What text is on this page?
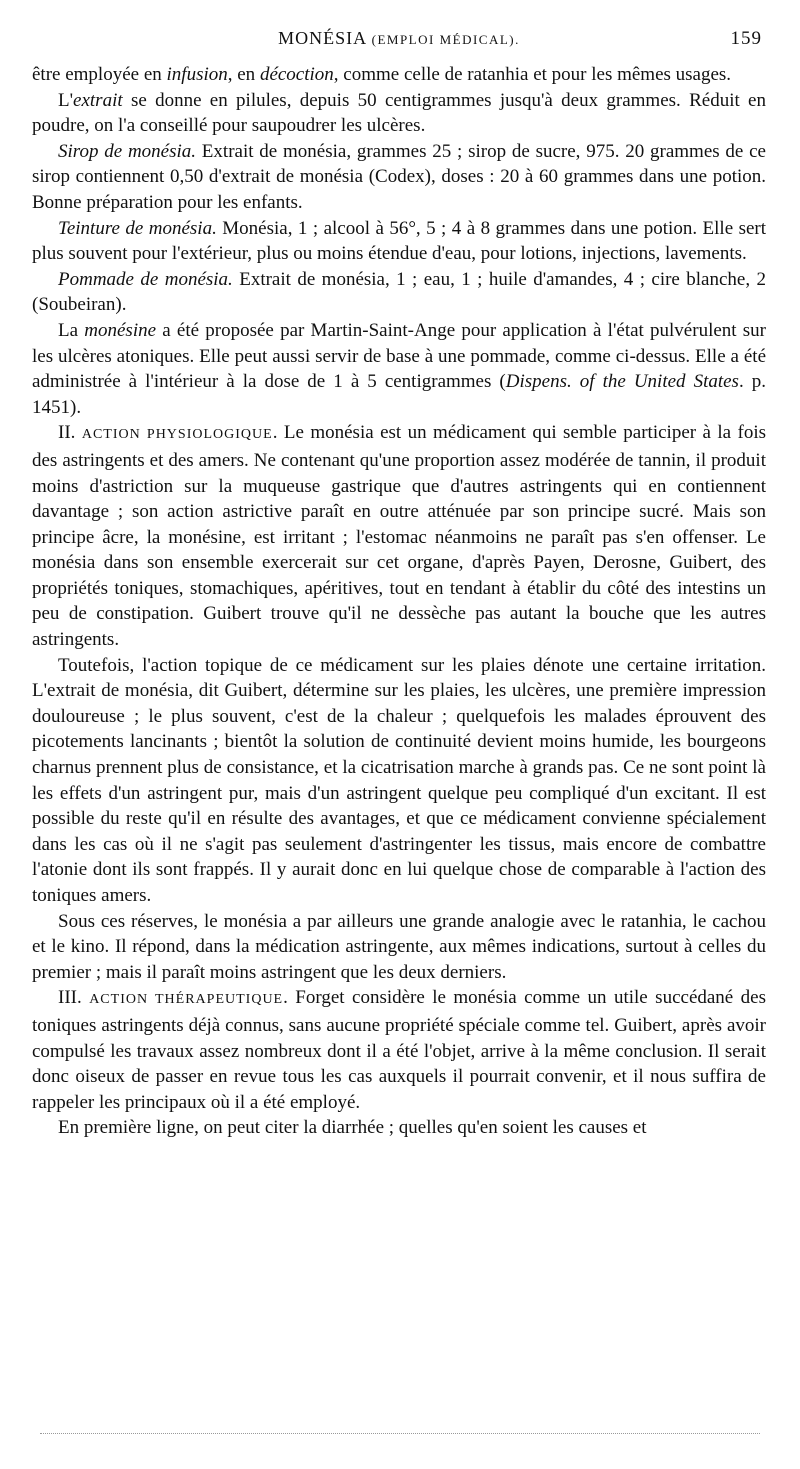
MONÉSIA (EMPLOI MÉDICAL).	159

être employée en infusion, en décoction, comme celle de ratanhia et pour les mêmes usages.

L'extrait se donne en pilules, depuis 50 centigrammes jusqu'à deux grammes. Réduit en poudre, on l'a conseillé pour saupoudrer les ulcères.

Sirop de monésia. Extrait de monésia, grammes 25 ; sirop de sucre, 975. 20 grammes de ce sirop contiennent 0,50 d'extrait de monésia (Codex), doses : 20 à 60 grammes dans une potion. Bonne préparation pour les enfants.

Teinture de monésia. Monésia, 1 ; alcool à 56°, 5 ; 4 à 8 grammes dans une potion. Elle sert plus souvent pour l'extérieur, plus ou moins étendue d'eau, pour lotions, injections, lavements.

Pommade de monésia. Extrait de monésia, 1 ; eau, 1 ; huile d'amandes, 4 ; cire blanche, 2 (Soubeiran).

La monésine a été proposée par Martin-Saint-Ange pour application à l'état pulvérulent sur les ulcères atoniques. Elle peut aussi servir de base à une pommade, comme ci-dessus. Elle a été administrée à l'intérieur à la dose de 1 à 5 centigrammes (Dispens. of the United States. p. 1451).

II. ACTION PHYSIOLOGIQUE. Le monésia est un médicament qui semble participer à la fois des astringents et des amers. Ne contenant qu'une proportion assez modérée de tannin, il produit moins d'astriction sur la muqueuse gastrique que d'autres astringents qui en contiennent davantage ; son action astrictive paraît en outre atténuée par son principe sucré. Mais son principe âcre, la monésine, est irritant ; l'estomac néanmoins ne paraît pas s'en offenser. Le monésia dans son ensemble exercerait sur cet organe, d'après Payen, Derosne, Guibert, des propriétés toniques, stomachiques, apéritives, tout en tendant à établir du côté des intestins un peu de constipation. Guibert trouve qu'il ne dessèche pas autant la bouche que les autres astringents.

Toutefois, l'action topique de ce médicament sur les plaies dénote une certaine irritation. L'extrait de monésia, dit Guibert, détermine sur les plaies, les ulcères, une première impression douloureuse ; le plus souvent, c'est de la chaleur ; quelquefois les malades éprouvent des picotements lancinants ; bientôt la solution de continuité devient moins humide, les bourgeons charnus prennent plus de consistance, et la cicatrisation marche à grands pas. Ce ne sont point là les effets d'un astringent pur, mais d'un astringent quelque peu compliqué d'un excitant. Il est possible du reste qu'il en résulte des avantages, et que ce médicament convienne spécialement dans les cas où il ne s'agit pas seulement d'astringenter les tissus, mais encore de combattre l'atonie dont ils sont frappés. Il y aurait donc en lui quelque chose de comparable à l'action des toniques amers.

Sous ces réserves, le monésia a par ailleurs une grande analogie avec le ratanhia, le cachou et le kino. Il répond, dans la médication astringente, aux mêmes indications, surtout à celles du premier ; mais il paraît moins astringent que les deux derniers.

III. ACTION THÉRAPEUTIQUE. Forget considère le monésia comme un utile succédané des toniques astringents déjà connus, sans aucune propriété spéciale comme tel. Guibert, après avoir compulsé les travaux assez nombreux dont il a été l'objet, arrive à la même conclusion. Il serait donc oiseux de passer en revue tous les cas auxquels il pourrait convenir, et il nous suffira de rappeler les principaux où il a été employé.

En première ligne, on peut citer la diarrhée ; quelles qu'en soient les causes et
